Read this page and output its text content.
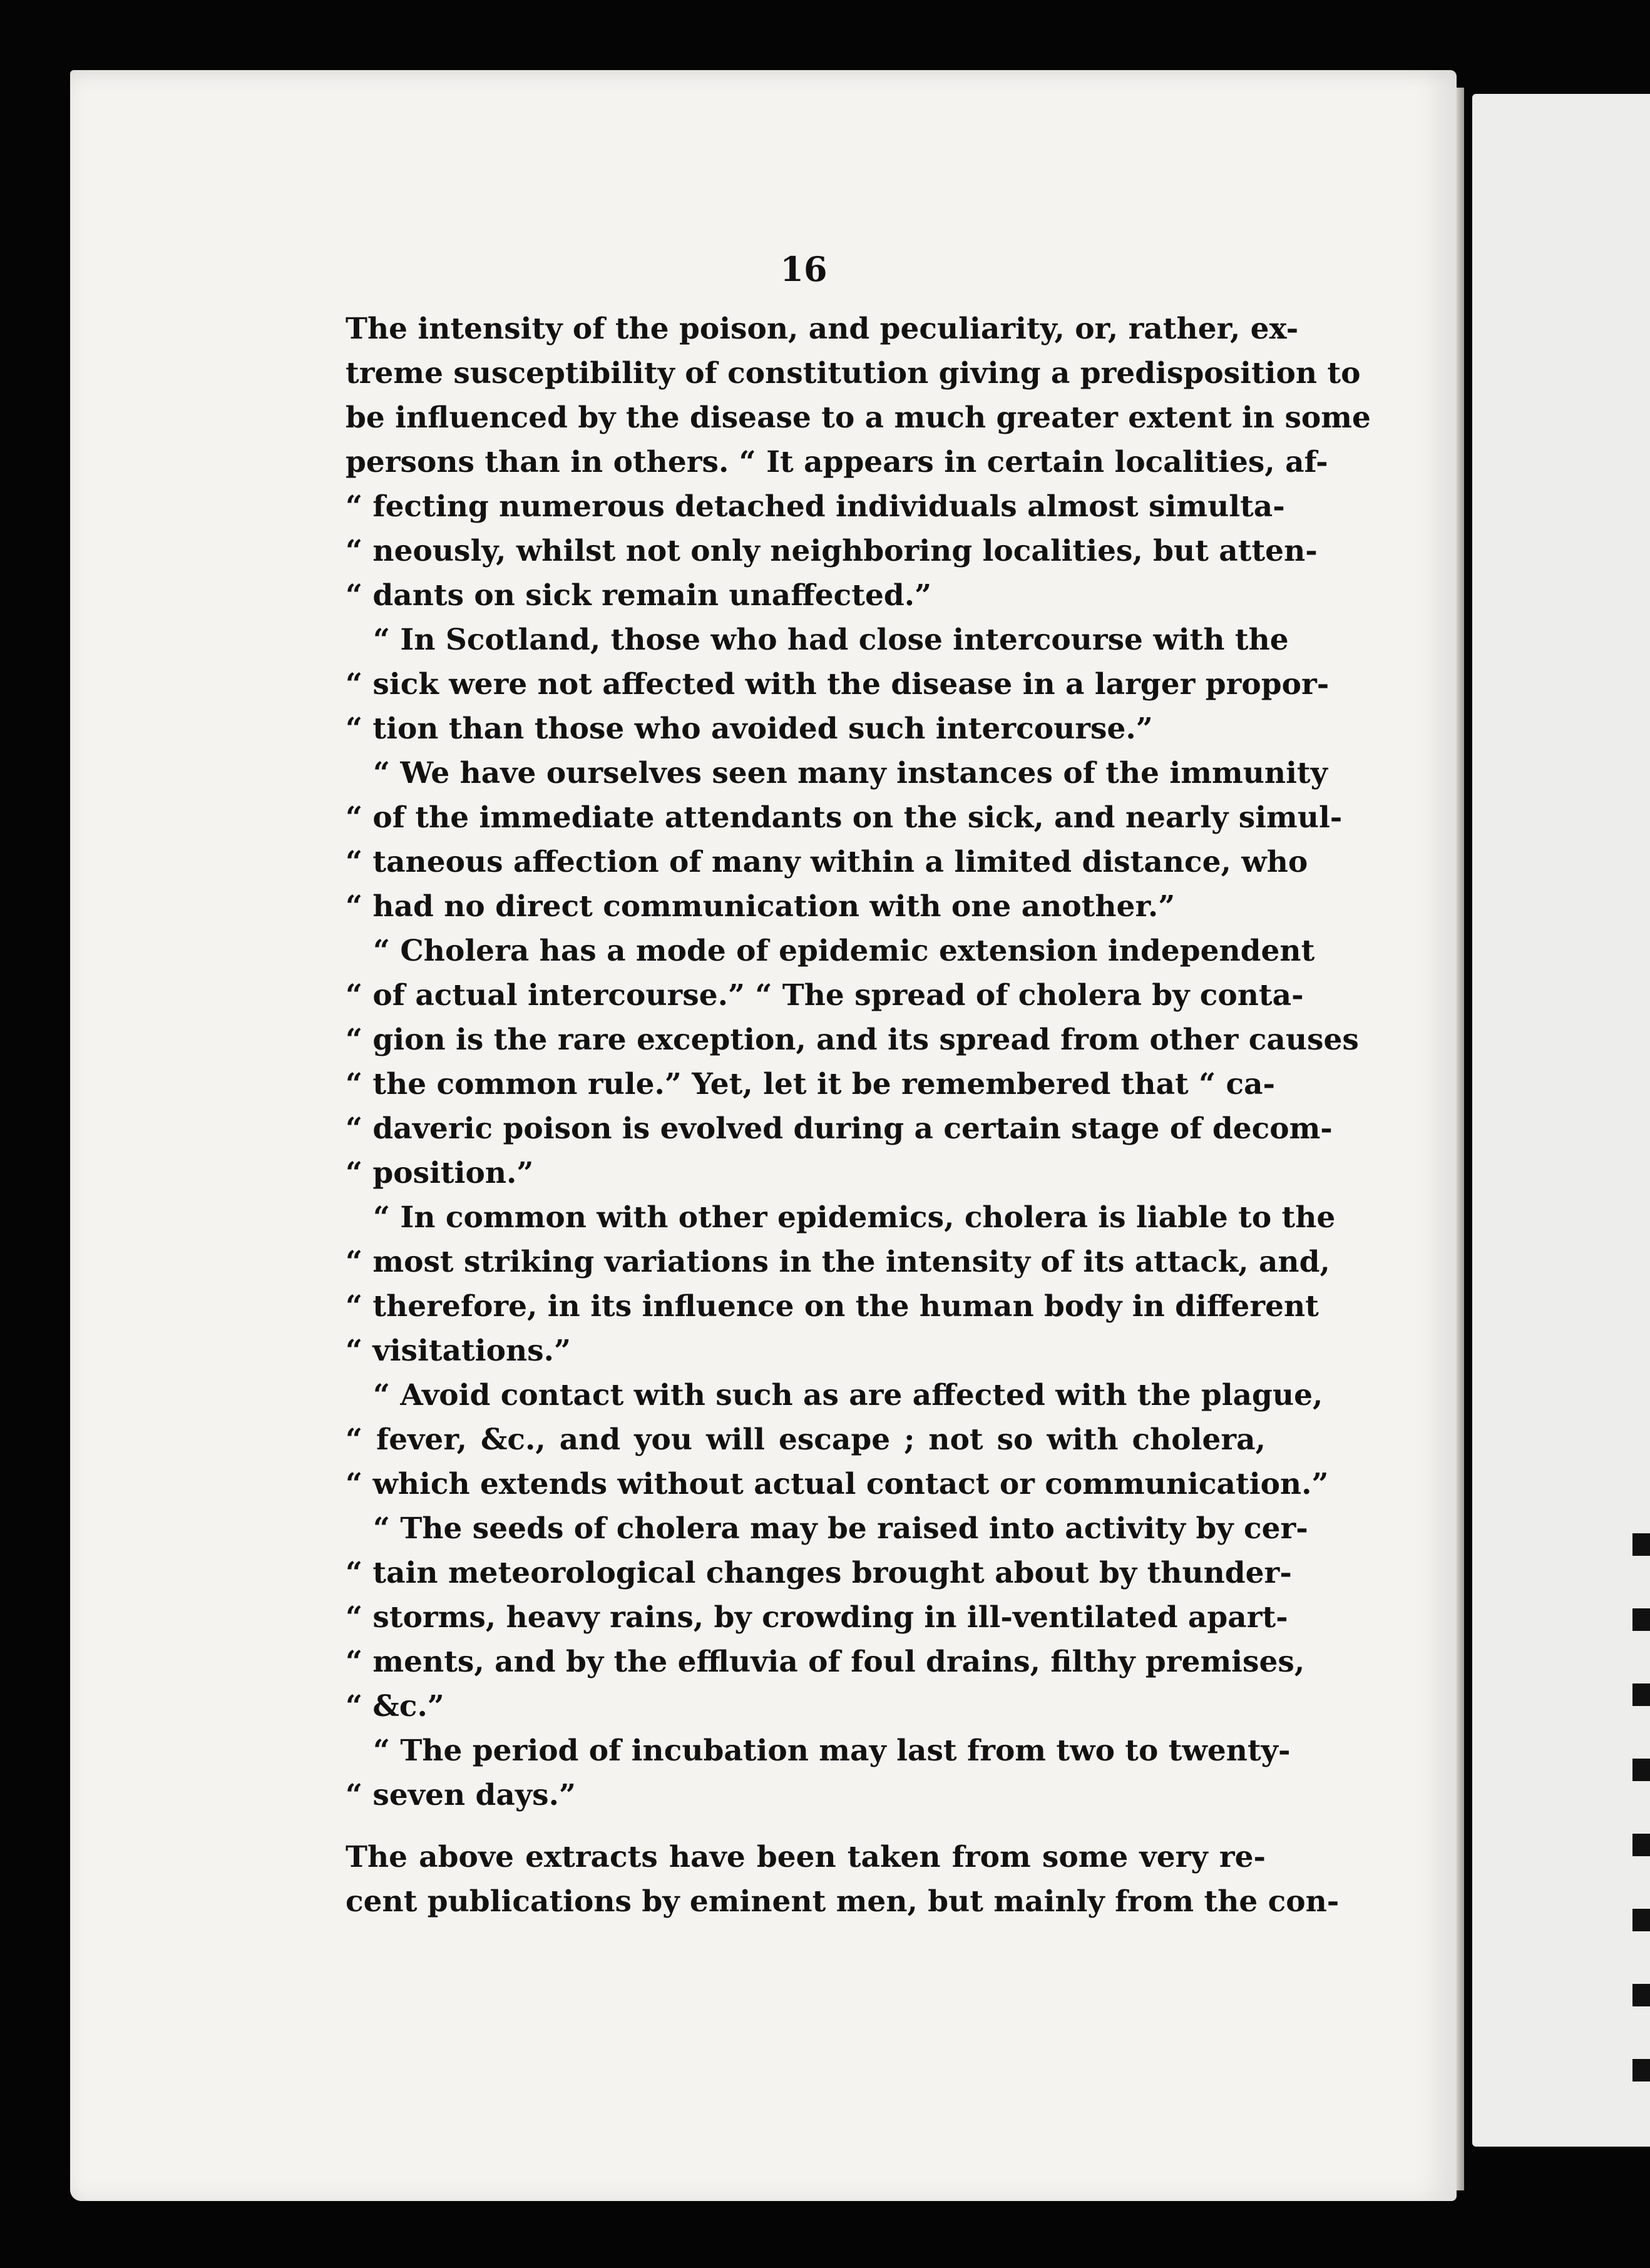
16
The intensity of the poison, and peculiarity, or, rather, ex-
treme susceptibility of constitution giving a predisposition to
be influenced by the disease to a much greater extent in some
persons than in others. “ It appears in certain localities, af-
“ fecting numerous detached individuals almost simulta-
“ neously, whilst not only neighboring localities, but atten-
“ dants on sick remain unaffected.”
“ In Scotland, those who had close intercourse with the
“ sick were not affected with the disease in a larger propor-
“ tion than those who avoided such intercourse.”
“ We have ourselves seen many instances of the immunity
“ of the immediate attendants on the sick, and nearly simul-
“ taneous affection of many within a limited distance, who
“ had no direct communication with one another.”
“ Cholera has a mode of epidemic extension independent
“ of actual intercourse.” “ The spread of cholera by conta-
“ gion is the rare exception, and its spread from other causes
“ the common rule.” Yet, let it be remembered that “ ca-
“ daveric poison is evolved during a certain stage of decom-
“ position.”
“ In common with other epidemics, cholera is liable to the
“ most striking variations in the intensity of its attack, and,
“ therefore, in its influence on the human body in different
“ visitations.”
“ Avoid contact with such as are affected with the plague,
“ fever, &c., and you will escape ; not so with cholera,
“ which extends without actual contact or communication.”
“ The seeds of cholera may be raised into activity by cer-
“ tain meteorological changes brought about by thunder-
“ storms, heavy rains, by crowding in ill-ventilated apart-
“ ments, and by the effluvia of foul drains, filthy premises,
“ &c.”
“ The period of incubation may last from two to twenty-
“ seven days.”
The above extracts have been taken from some very re-
cent publications by eminent men, but mainly from the con-
